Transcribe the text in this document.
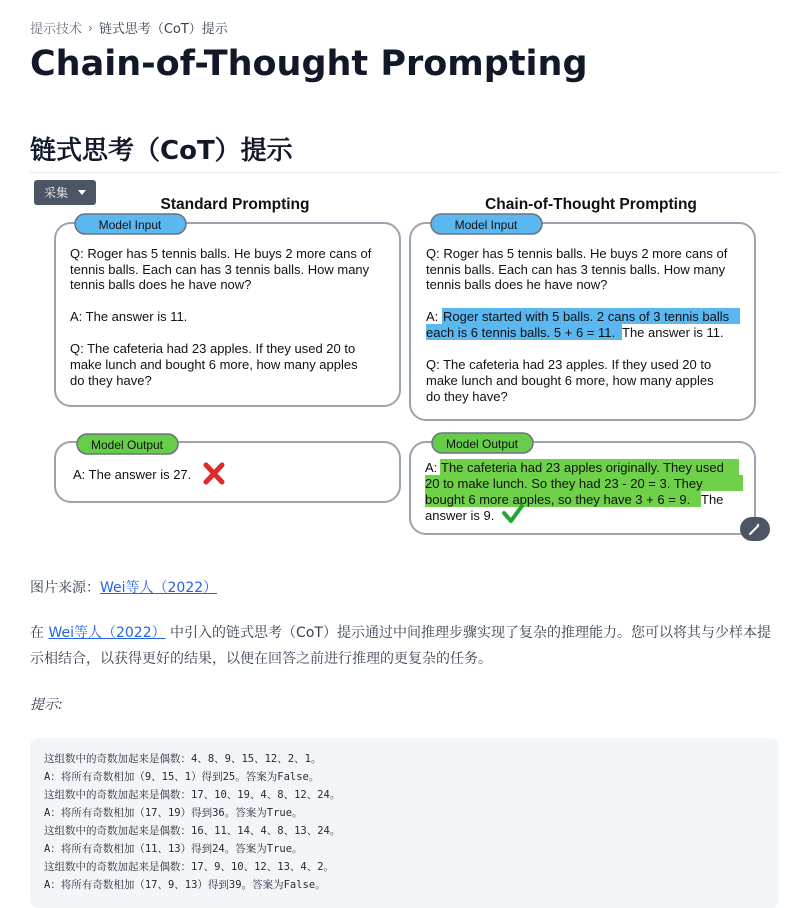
提示技术 › 链式思考（CoT）提示
Chain-of-Thought Prompting
链式思考（CoT）提示
Standard Prompting
Model Input
Q: Roger has 5 tennis balls. He buys 2 more cans of
tennis balls. Each can has 3 tennis balls. How many
tennis balls does he have now?
A: The answer is 11.
Q: The cafeteria had 23 apples. If they used 20 to
make lunch and bought 6 more, how many apples
do they have?
Model Output
A: The answer is 27.
Chain-of-Thought Prompting
Model Input
Q: Roger has 5 tennis balls. He buys 2 more cans of
tennis balls. Each can has 3 tennis balls. How many
tennis balls does he have now?
A: Roger started with 5 balls. 2 cans of 3 tennis balls
each is 6 tennis balls. 5 + 6 = 11. The answer is 11.
Q: The cafeteria had 23 apples. If they used 20 to
make lunch and bought 6 more, how many apples
do they have?
Model Output
A: The cafeteria had 23 apples originally. They used
20 to make lunch. So they had 23 - 20 = 3. They
bought 6 more apples, so they have 3 + 6 = 9. The
answer is 9.
采集
图片来源：Wei等人（2022）

在 Wei等人（2022） 中引入的链式思考（CoT）提示通过中间推理步骤实现了复杂的推理能力。您可以将其与少样本提示相结合，以获得更好的结果，以便在回答之前进行推理的更复杂的任务。

提示:
这组数中的奇数加起来是偶数：4、8、9、15、12、2、1。
A：将所有奇数相加（9、15、1）得到25。答案为False。
这组数中的奇数加起来是偶数：17、10、19、4、8、12、24。
A：将所有奇数相加（17、19）得到36。答案为True。
这组数中的奇数加起来是偶数：16、11、14、4、8、13、24。
A：将所有奇数相加（11、13）得到24。答案为True。
这组数中的奇数加起来是偶数：17、9、10、12、13、4、2。
A：将所有奇数相加（17、9、13）得到39。答案为False。
